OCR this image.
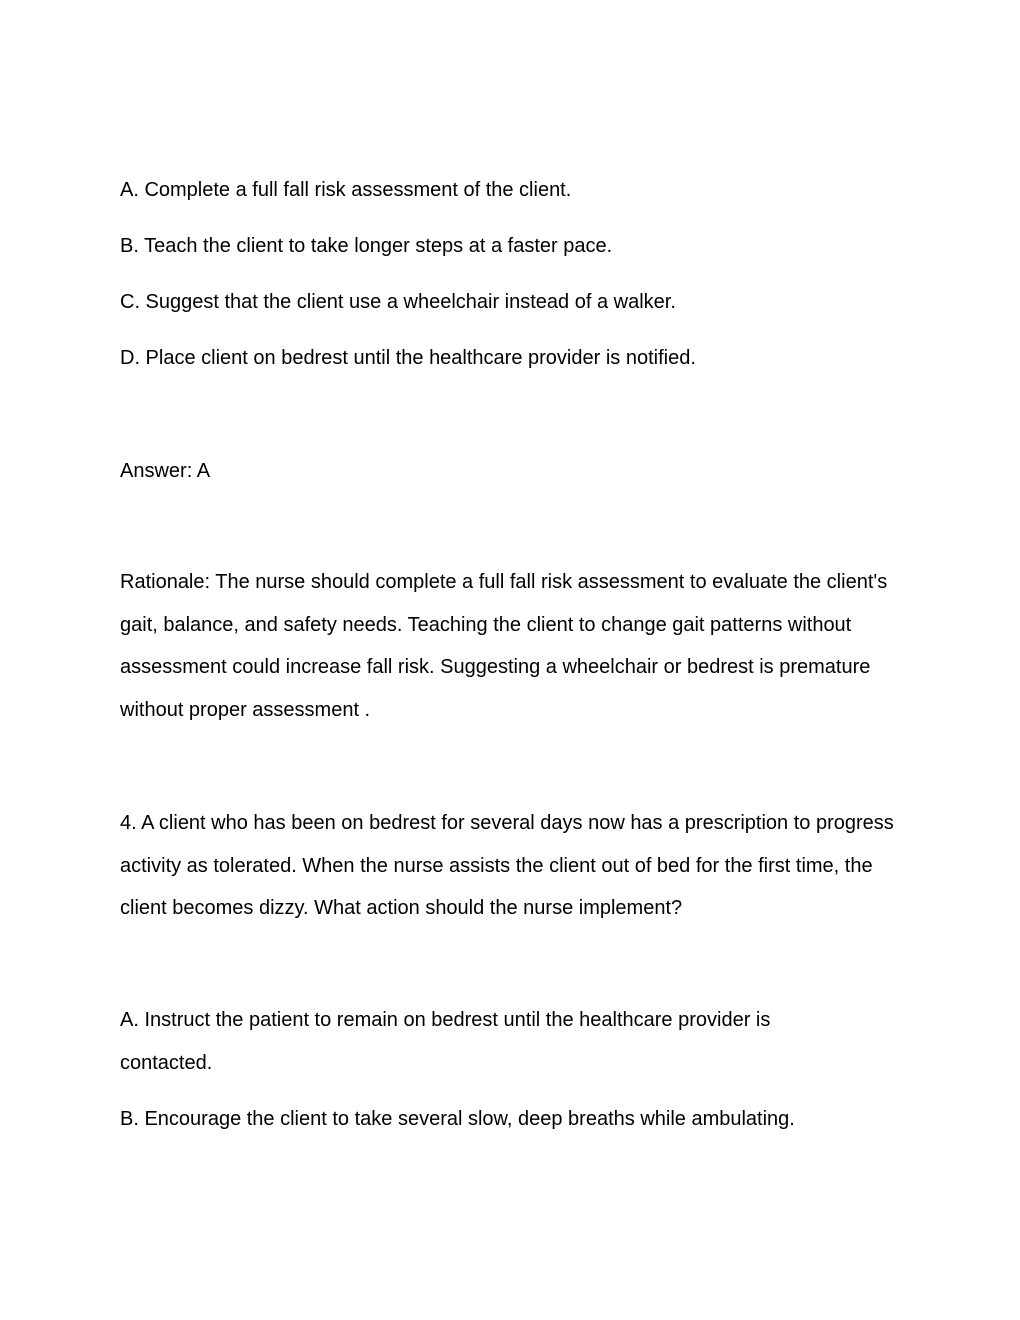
A. Complete a full fall risk assessment of the client.
B. Teach the client to take longer steps at a faster pace.
C. Suggest that the client use a wheelchair instead of a walker.
D. Place client on bedrest until the healthcare provider is notified.
Answer: A
Rationale: The nurse should complete a full fall risk assessment to evaluate the client's gait, balance, and safety needs. Teaching the client to change gait patterns without assessment could increase fall risk. Suggesting a wheelchair or bedrest is premature without proper assessment .
4. A client who has been on bedrest for several days now has a prescription to progress activity as tolerated. When the nurse assists the client out of bed for the first time, the client becomes dizzy. What action should the nurse implement?
A. Instruct the patient to remain on bedrest until the healthcare provider is contacted.
B. Encourage the client to take several slow, deep breaths while ambulating.
